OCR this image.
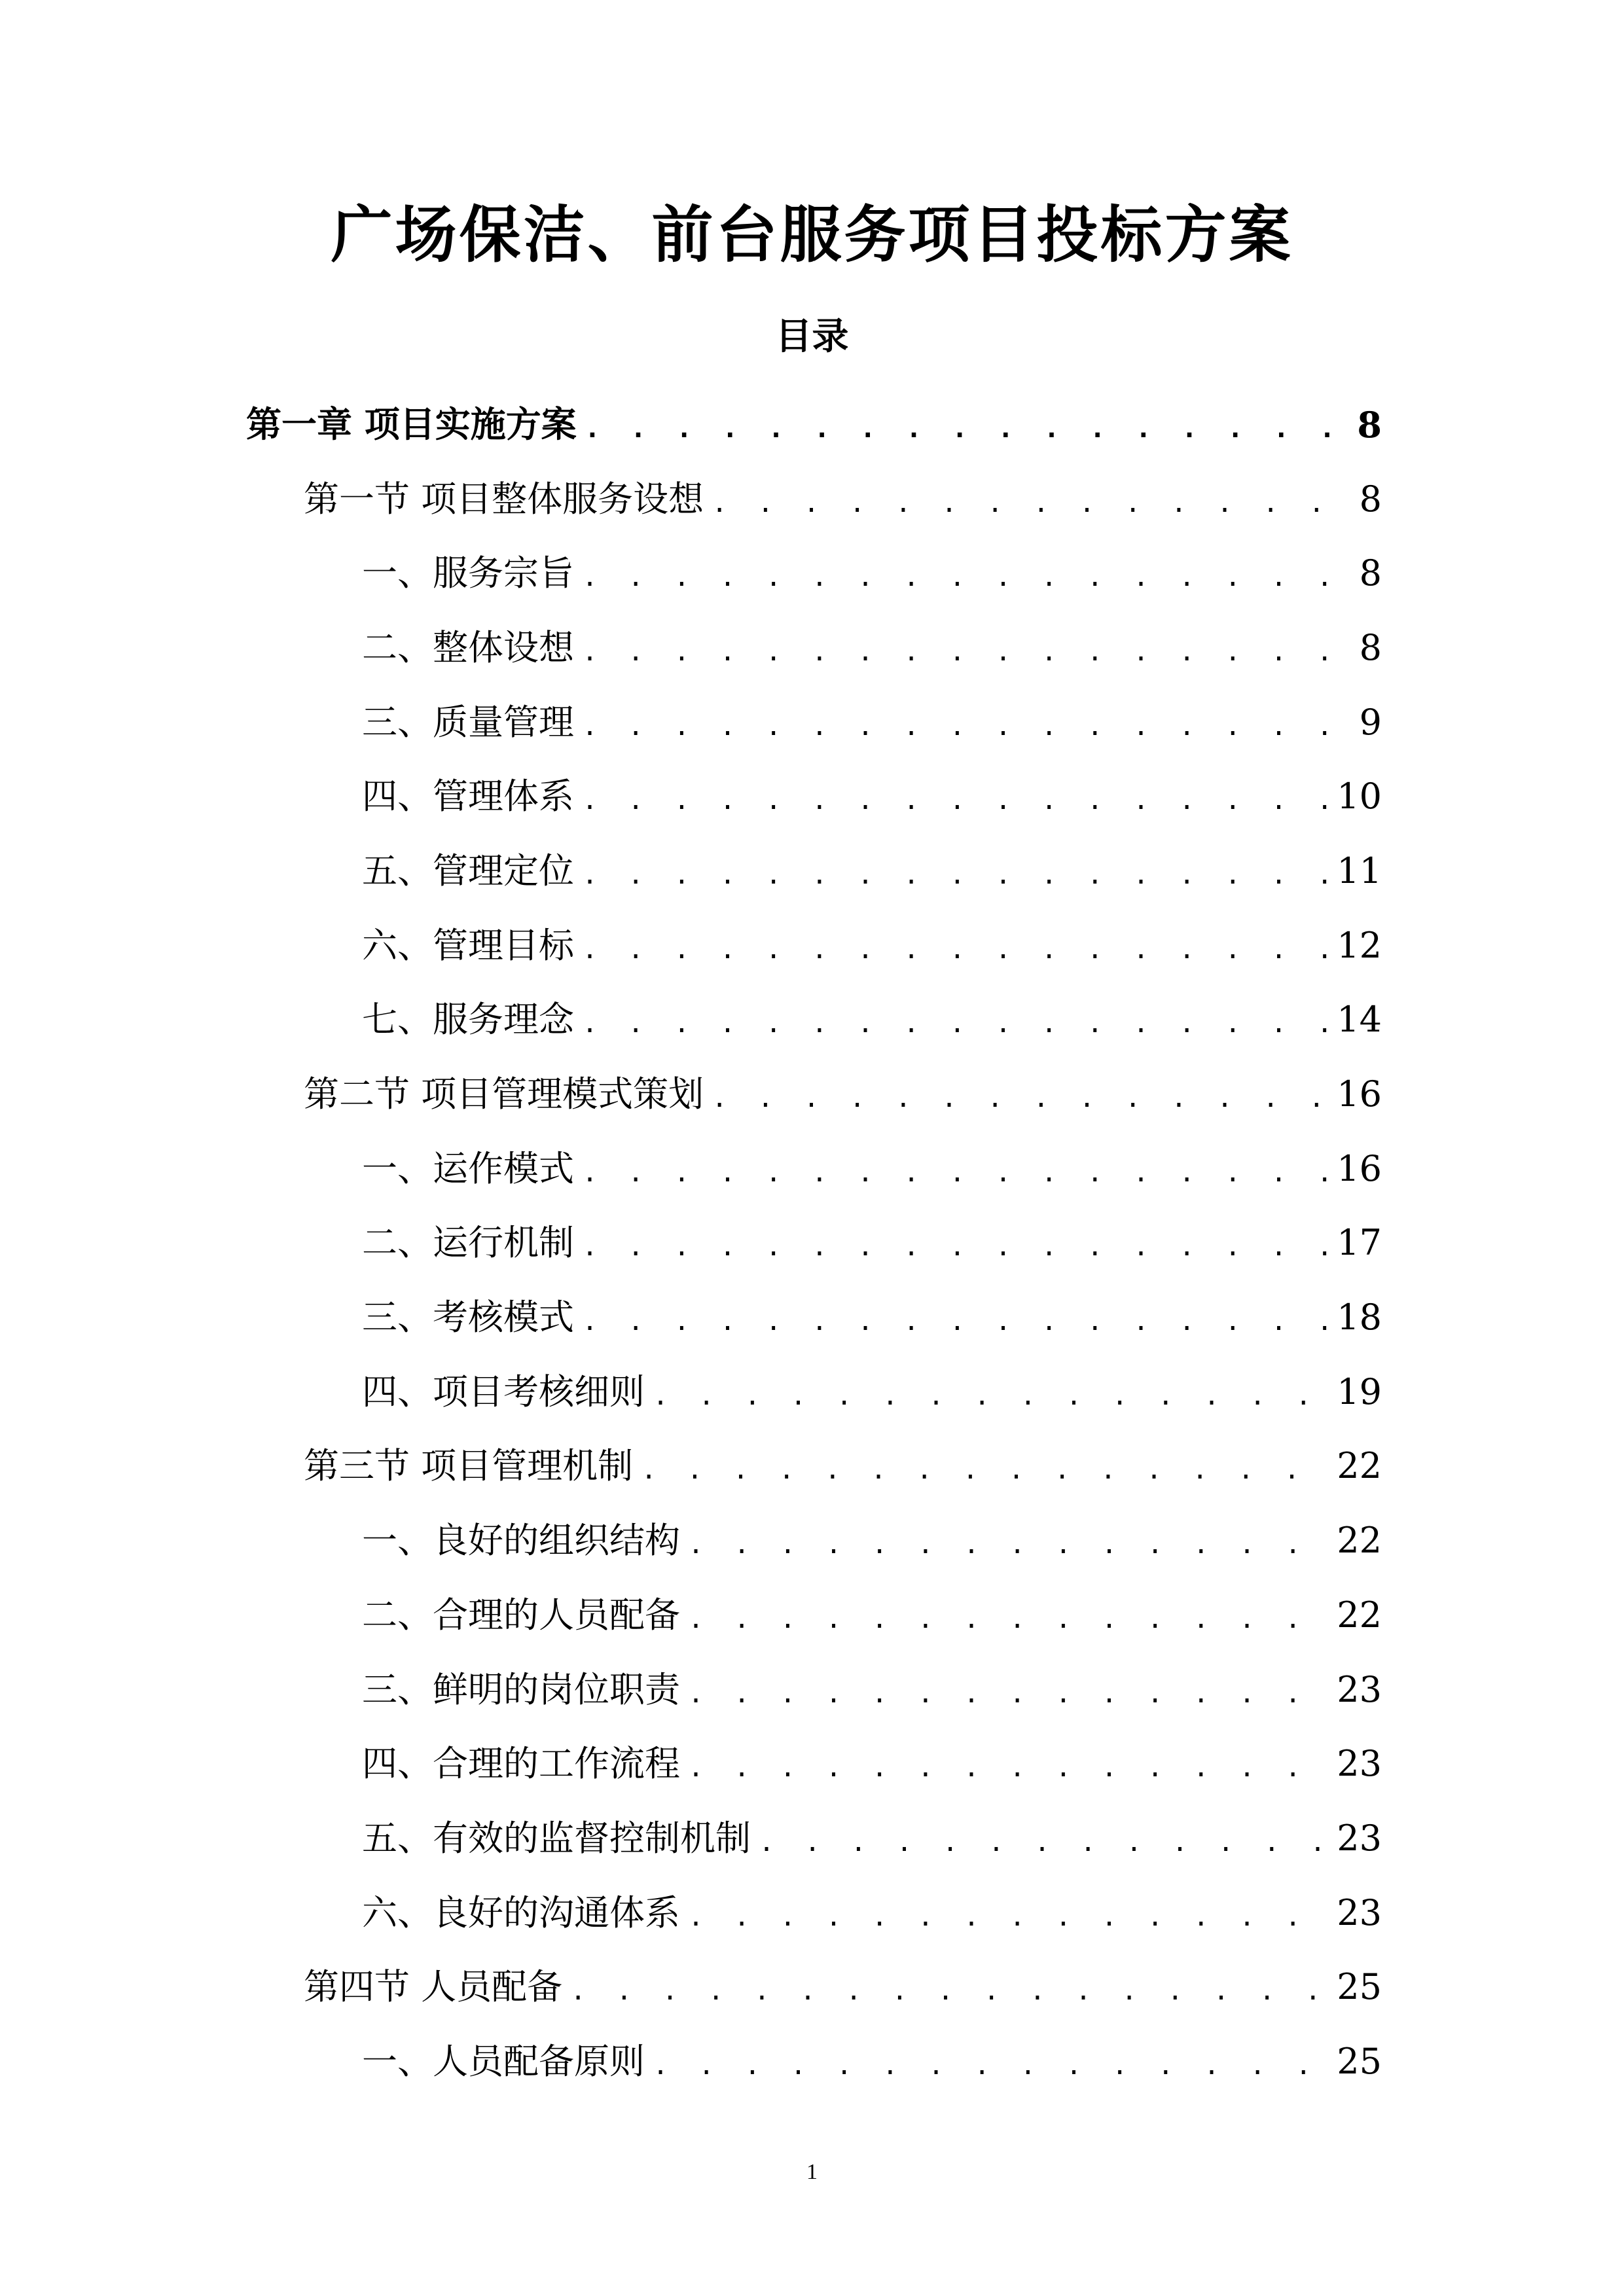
广场保洁、前台服务项目投标方案
目录
第一章 项目实施方案 . . .	8
第一节 项目整体服务设想 . . .	8
一、服务宗旨 . . .	8
二、整体设想 . . .	8
三、质量管理 . . .	9
四、管理体系 . . .	10
五、管理定位 . . .	11
六、管理目标 . . .	12
七、服务理念 . . .	14
第二节 项目管理模式策划 . . .	16
一、运作模式 . . .	16
二、运行机制 . . .	17
三、考核模式 . . .	18
四、项目考核细则 . . .	19
第三节 项目管理机制 . . .	22
一、良好的组织结构 . . .	22
二、合理的人员配备 . . .	22
三、鲜明的岗位职责 . . .	23
四、合理的工作流程 . . .	23
五、有效的监督控制机制 . . .	23
六、良好的沟通体系 . . .	23
第四节 人员配备 . . .	25
一、人员配备原则 . . .	25
1
